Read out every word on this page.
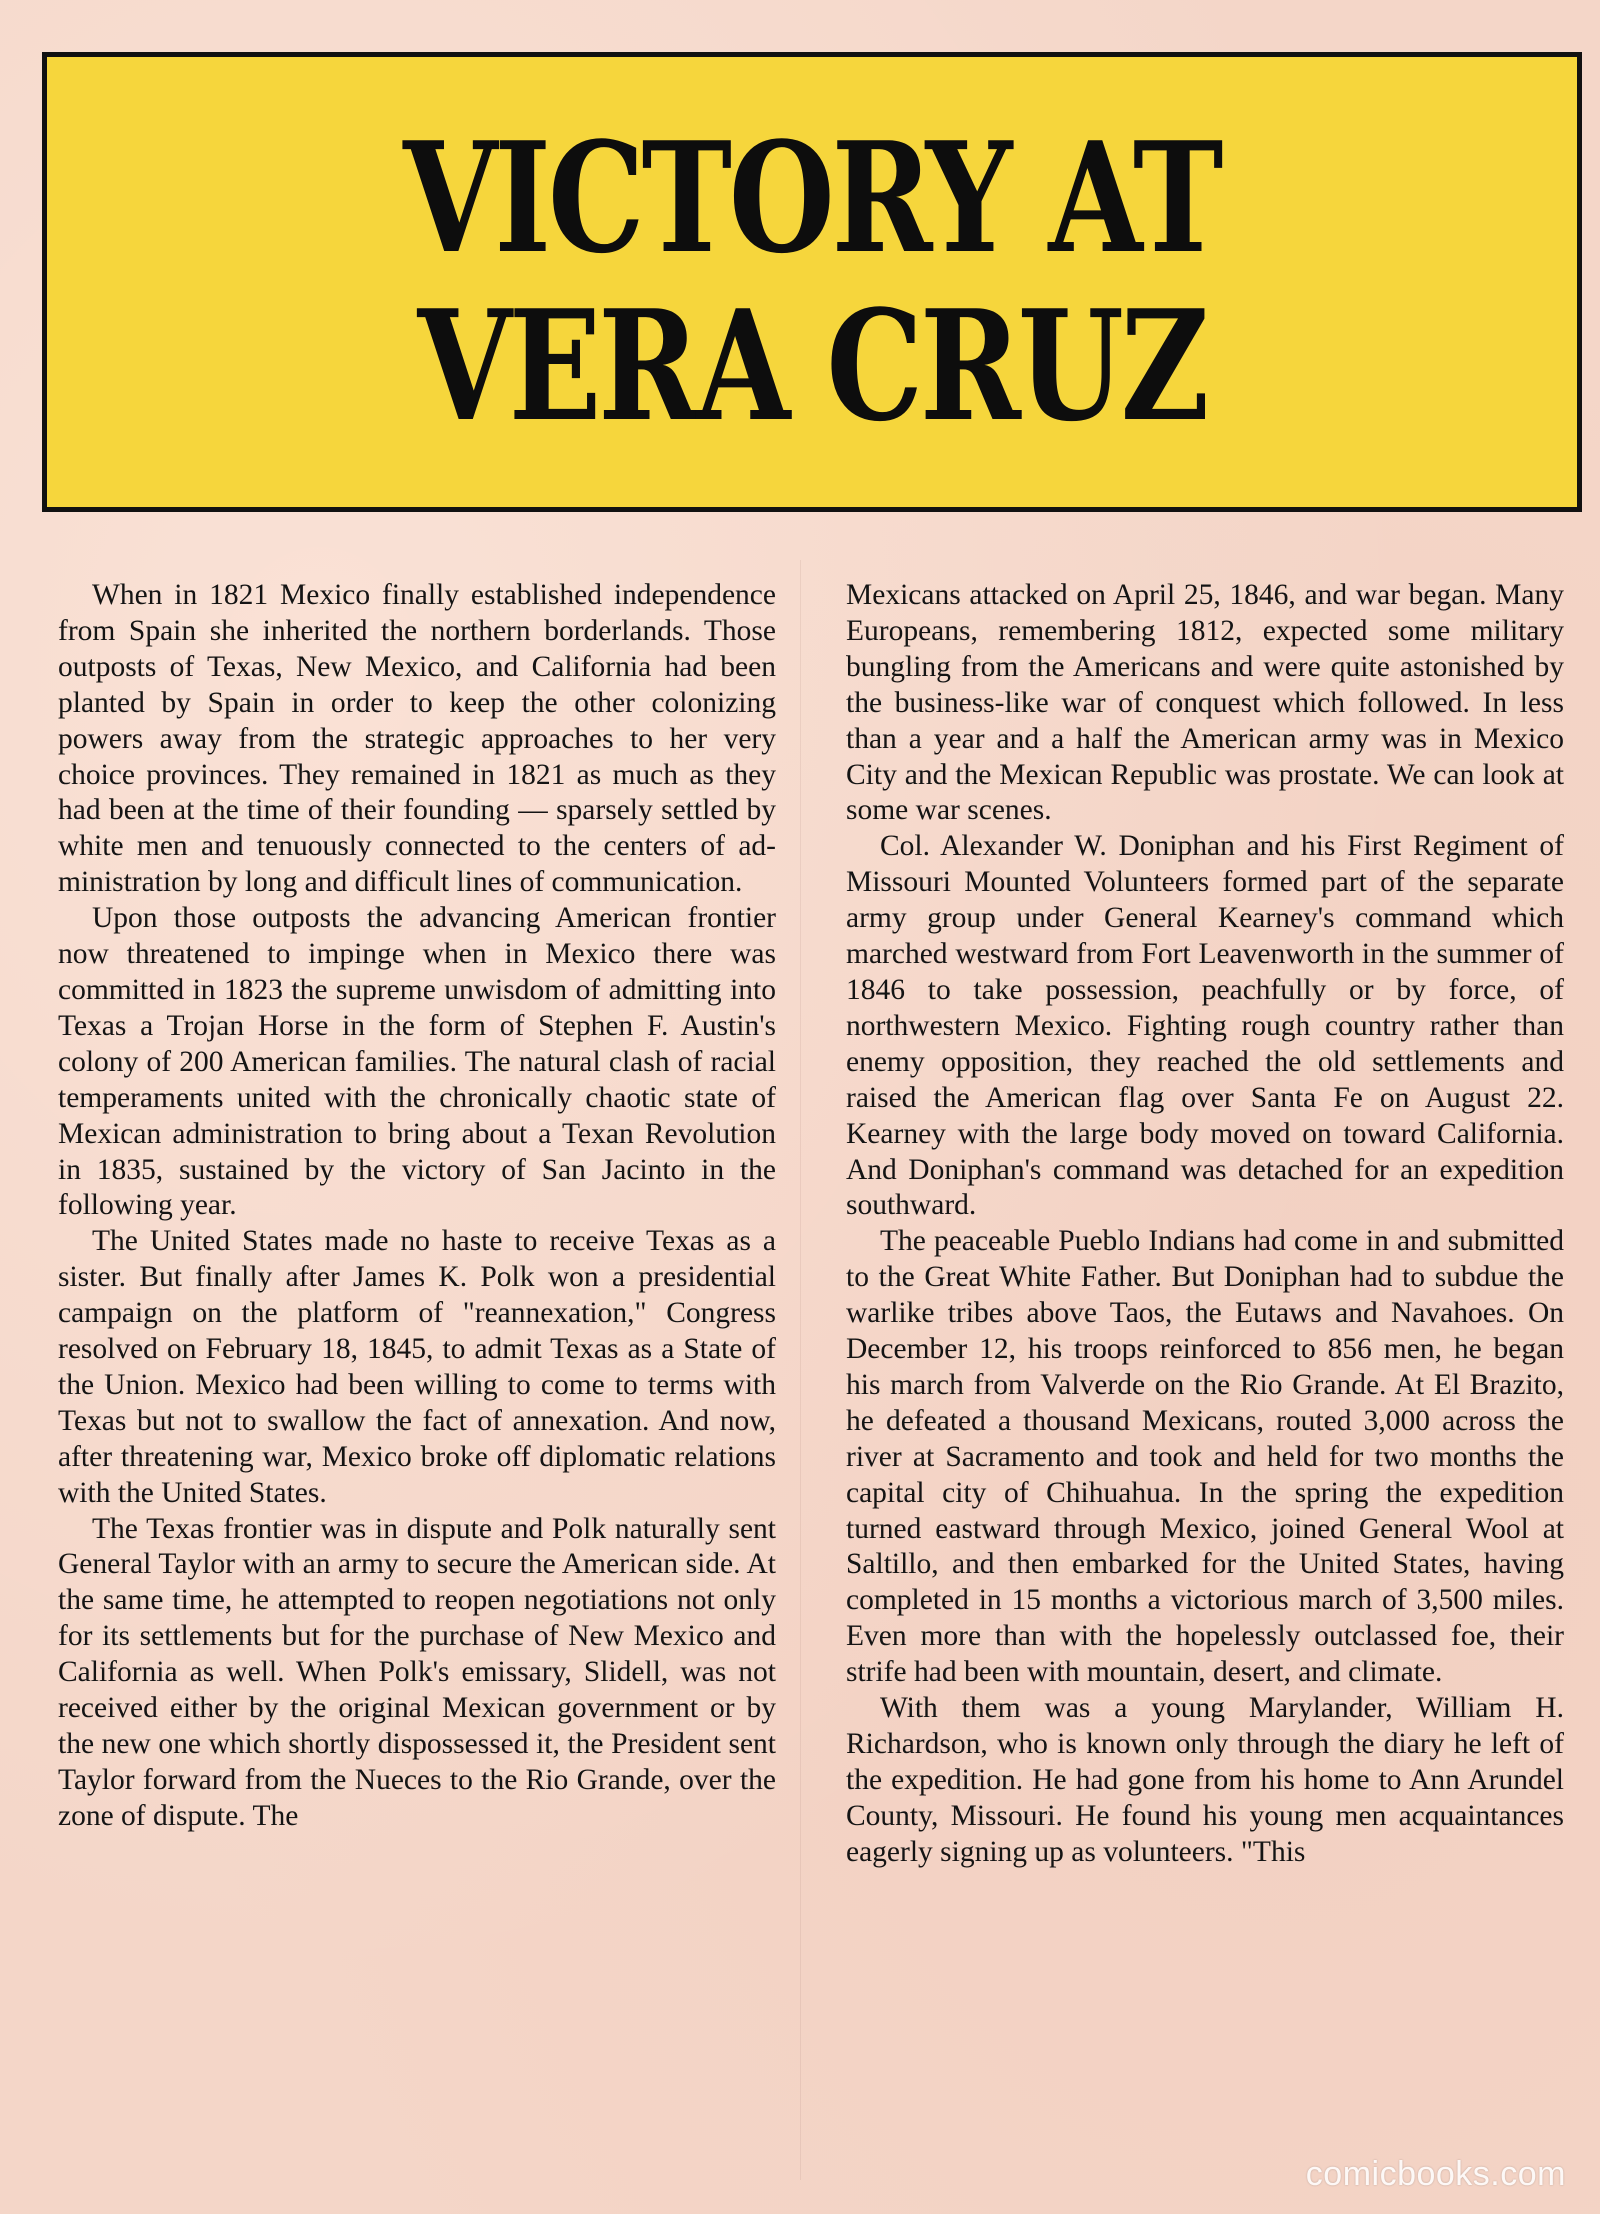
VICTORY AT
VERA CRUZ

When in 1821 Mexico finally established independence from Spain she inherited the northern borderlands. Those outposts of Texas, New Mexico, and California had been planted by Spain in order to keep the other colonizing powers away from the strategic approaches to her very choice provinces. They remained in 1821 as much as they had been at the time of their founding — sparsely settled by white men and tenuously connected to the centers of administration by long and difficult lines of communication.

Upon those outposts the advancing American frontier now threatened to impinge when in Mexico there was committed in 1823 the supreme unwisdom of admitting into Texas a Trojan Horse in the form of Stephen F. Austin's colony of 200 American families. The natural clash of racial temperaments united with the chronically chaotic state of Mexican administration to bring about a Texan Revolution in 1835, sustained by the victory of San Jacinto in the following year.

The United States made no haste to receive Texas as a sister. But finally after James K. Polk won a presidential campaign on the platform of "reannexation," Congress resolved on February 18, 1845, to admit Texas as a State of the Union. Mexico had been willing to come to terms with Texas but not to swallow the fact of annexation. And now, after threatening war, Mexico broke off diplomatic relations with the United States.

The Texas frontier was in dispute and Polk naturally sent General Taylor with an army to secure the American side. At the same time, he attempted to reopen negotiations not only for its settlements but for the purchase of New Mexico and California as well. When Polk's emissary, Slidell, was not received either by the original Mexican government or by the new one which shortly dispossessed it, the President sent Taylor forward from the Nueces to the Rio Grande, over the zone of dispute. The

Mexicans attacked on April 25, 1846, and war began. Many Europeans, remembering 1812, expected some military bungling from the Americans and were quite astonished by the business-like war of conquest which followed. In less than a year and a half the American army was in Mexico City and the Mexican Republic was prostate. We can look at some war scenes.

Col. Alexander W. Doniphan and his First Regiment of Missouri Mounted Volunteers formed part of the separate army group under General Kearney's command which marched westward from Fort Leavenworth in the summer of 1846 to take possession, peachfully or by force, of northwestern Mexico. Fighting rough country rather than enemy opposition, they reached the old settlements and raised the American flag over Santa Fe on August 22. Kearney with the large body moved on toward California. And Doniphan's command was detached for an expedition southward.

The peaceable Pueblo Indians had come in and submitted to the Great White Father. But Doniphan had to subdue the warlike tribes above Taos, the Eutaws and Navahoes. On December 12, his troops reinforced to 856 men, he began his march from Valverde on the Rio Grande. At El Brazito, he defeated a thousand Mexicans, routed 3,000 across the river at Sacramento and took and held for two months the capital city of Chihuahua. In the spring the expedition turned eastward through Mexico, joined General Wool at Saltillo, and then embarked for the United States, having completed in 15 months a victorious march of 3,500 miles. Even more than with the hopelessly outclassed foe, their strife had been with mountain, desert, and climate.

With them was a young Marylander, William H. Richardson, who is known only through the diary he left of the expedition. He had gone from his home to Ann Arundel County, Missouri. He found his young men acquaintances eagerly signing up as volunteers. "This

comicbooks.com
